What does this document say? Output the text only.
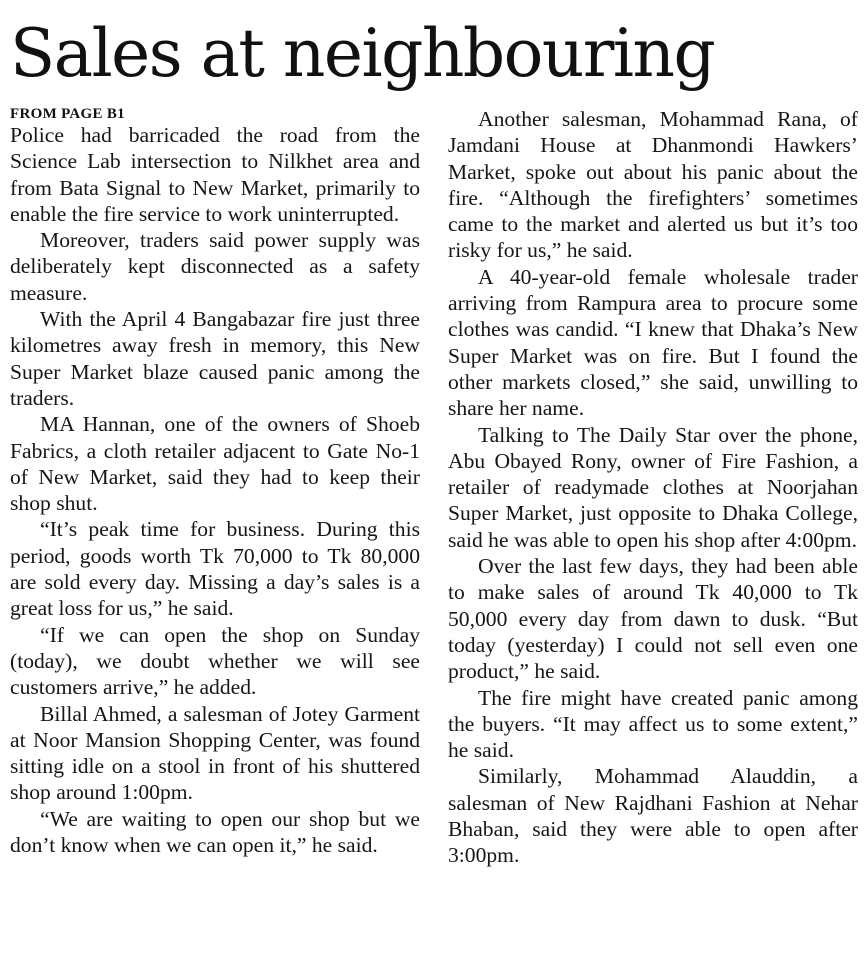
Sales at neighbouring

FROM PAGE B1

Police had barricaded the road from the Science Lab intersection to Nilkhet area and from Bata Signal to New Market, primarily to enable the fire service to work uninterrupted.

Moreover, traders said power supply was deliberately kept disconnected as a safety measure.

With the April 4 Bangabazar fire just three kilometres away fresh in memory, this New Super Market blaze caused panic among the traders.

MA Hannan, one of the owners of Shoeb Fabrics, a cloth retailer adjacent to Gate No-1 of New Market, said they had to keep their shop shut.

“It’s peak time for business. During this period, goods worth Tk 70,000 to Tk 80,000 are sold every day. Missing a day’s sales is a great loss for us,” he said.

“If we can open the shop on Sunday (today), we doubt whether we will see customers arrive,” he added.

Billal Ahmed, a salesman of Jotey Garment at Noor Mansion Shopping Center, was found sitting idle on a stool in front of his shuttered shop around 1:00pm.

“We are waiting to open our shop but we don’t know when we can open it,” he said.

Another salesman, Mohammad Rana, of Jamdani House at Dhanmondi Hawkers’ Market, spoke out about his panic about the fire. “Although the firefighters’ sometimes came to the market and alerted us but it’s too risky for us,” he said.

A 40-year-old female wholesale trader arriving from Rampura area to procure some clothes was candid. “I knew that Dhaka’s New Super Market was on fire. But I found the other markets closed,” she said, unwilling to share her name.

Talking to The Daily Star over the phone, Abu Obayed Rony, owner of Fire Fashion, a retailer of readymade clothes at Noorjahan Super Market, just opposite to Dhaka College, said he was able to open his shop after 4:00pm.

Over the last few days, they had been able to make sales of around Tk 40,000 to Tk 50,000 every day from dawn to dusk. “But today (yesterday) I could not sell even one product,” he said.

The fire might have created panic among the buyers. “It may affect us to some extent,” he said.

Similarly, Mohammad Alauddin, a salesman of New Rajdhani Fashion at Nehar Bhaban, said they were able to open after 3:00pm.
